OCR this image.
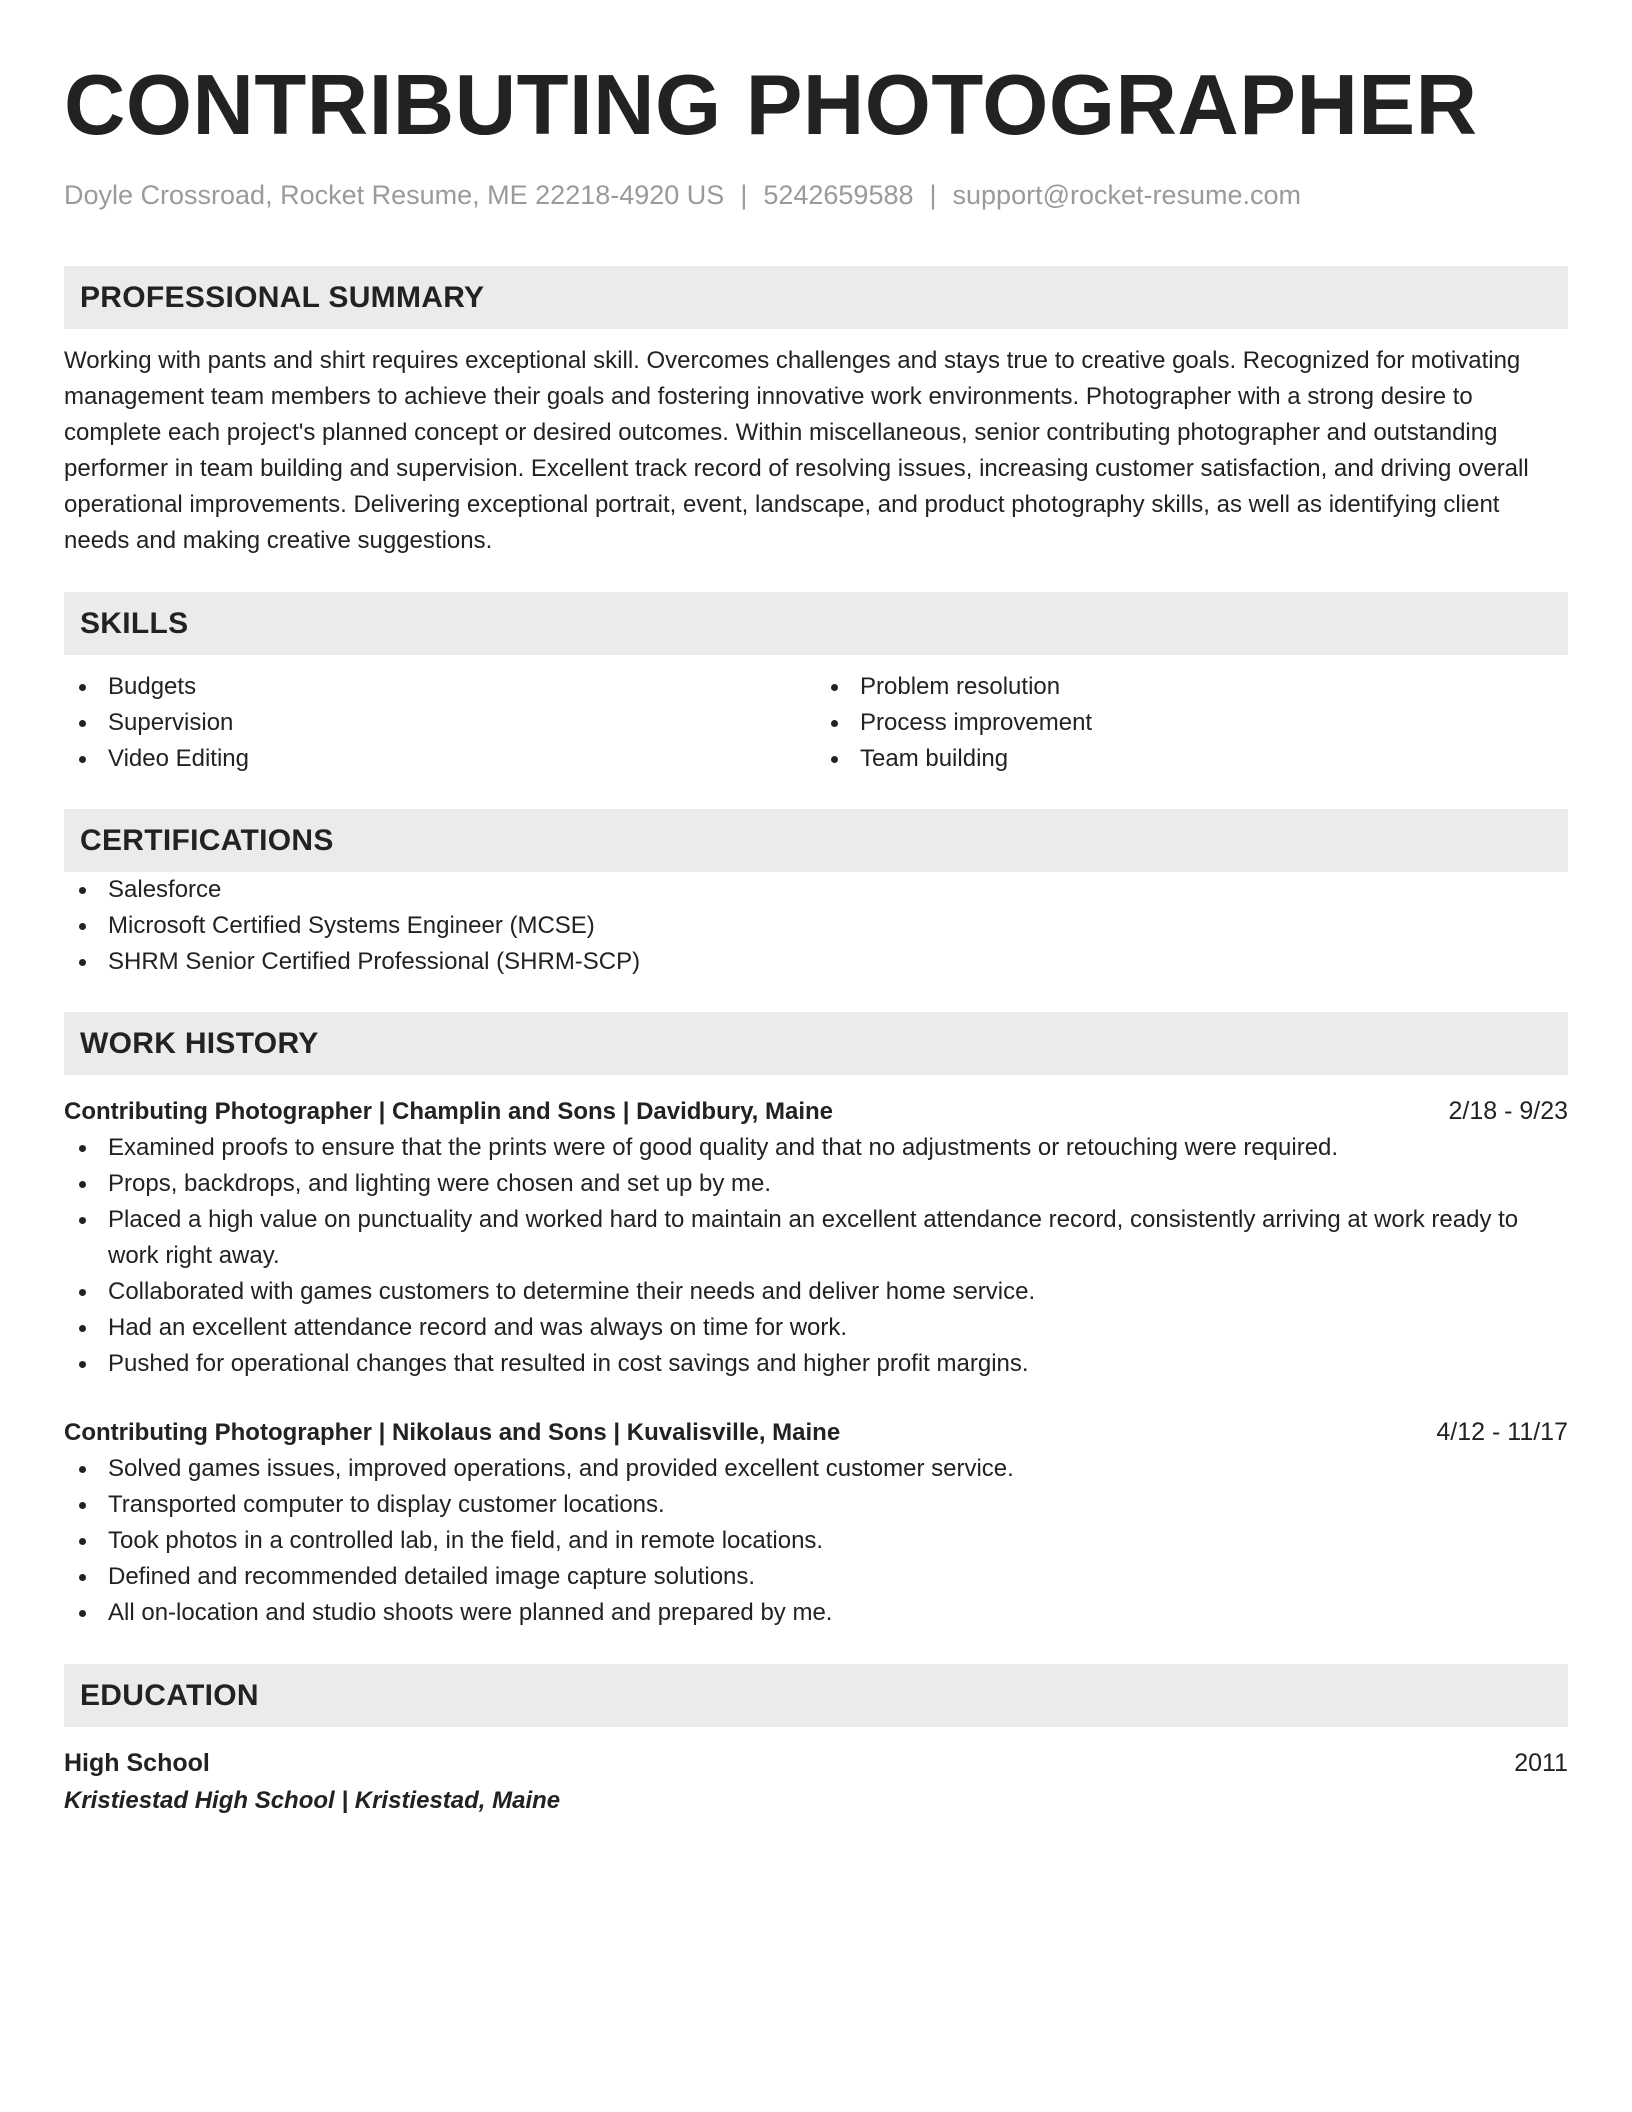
CONTRIBUTING PHOTOGRAPHER
Doyle Crossroad, Rocket Resume, ME 22218-4920 US | 5242659588 | support@rocket-resume.com
PROFESSIONAL SUMMARY
Working with pants and shirt requires exceptional skill. Overcomes challenges and stays true to creative goals. Recognized for motivating management team members to achieve their goals and fostering innovative work environments. Photographer with a strong desire to complete each project's planned concept or desired outcomes. Within miscellaneous, senior contributing photographer and outstanding performer in team building and supervision. Excellent track record of resolving issues, increasing customer satisfaction, and driving overall operational improvements. Delivering exceptional portrait, event, landscape, and product photography skills, as well as identifying client needs and making creative suggestions.
SKILLS
Budgets
Supervision
Video Editing
Problem resolution
Process improvement
Team building
CERTIFICATIONS
Salesforce
Microsoft Certified Systems Engineer (MCSE)
SHRM Senior Certified Professional (SHRM-SCP)
WORK HISTORY
Contributing Photographer | Champlin and Sons | Davidbury, Maine	2/18 - 9/23
Examined proofs to ensure that the prints were of good quality and that no adjustments or retouching were required.
Props, backdrops, and lighting were chosen and set up by me.
Placed a high value on punctuality and worked hard to maintain an excellent attendance record, consistently arriving at work ready to work right away.
Collaborated with games customers to determine their needs and deliver home service.
Had an excellent attendance record and was always on time for work.
Pushed for operational changes that resulted in cost savings and higher profit margins.
Contributing Photographer | Nikolaus and Sons | Kuvalisville, Maine	4/12 - 11/17
Solved games issues, improved operations, and provided excellent customer service.
Transported computer to display customer locations.
Took photos in a controlled lab, in the field, and in remote locations.
Defined and recommended detailed image capture solutions.
All on-location and studio shoots were planned and prepared by me.
EDUCATION
High School	2011
Kristiestad High School | Kristiestad, Maine
